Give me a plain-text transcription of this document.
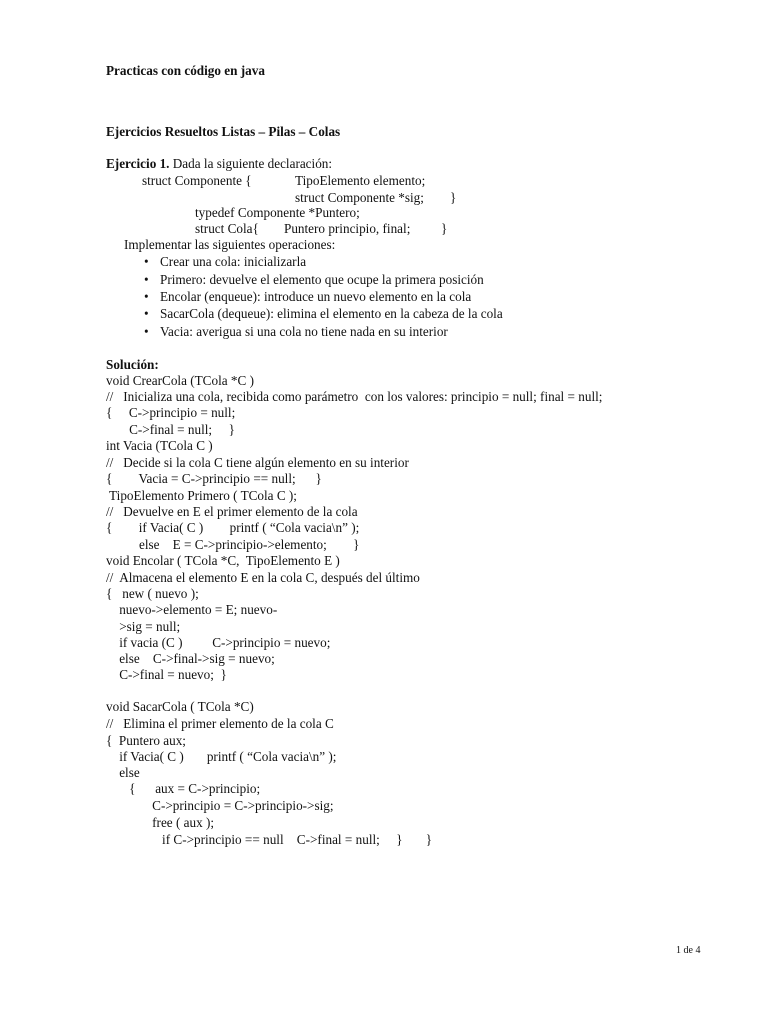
Practicas con código en java
Ejercicios Resueltos Listas – Pilas – Colas
Ejercicio 1. Dada la siguiente declaración:
struct Componente {	TipoElemento elemento;
struct Componente *sig; }
typedef Componente *Puntero;
struct Cola{ Puntero principio, final; }
Implementar las siguientes operaciones:
• Crear una cola: inicializarla
• Primero: devuelve el elemento que ocupe la primera posición
• Encolar (enqueue): introduce un nuevo elemento en la cola
• SacarCola (dequeue): elimina el elemento en la cabeza de la cola
• Vacia: averigua si una cola no tiene nada en su interior
Solución:
void CrearCola (TCola *C )
//   Inicializa una cola, recibida como parámetro  con los valores: principio = null; final = null;
{     C->principio = null;
C->final = null;     }
int Vacia (TCola C )
//   Decide si la cola C tiene algún elemento en su interior
{        Vacia = C->principio == null;      }
TipoElemento Primero ( TCola C );
//   Devuelve en E el primer elemento de la cola
{        if Vacia( C )        printf ( “Cola vacia\n” );
else    E = C->principio->elemento;        }
void Encolar ( TCola *C,  TipoElemento E )
//  Almacena el elemento E en la cola C, después del último
{   new ( nuevo );
nuevo->elemento = E; nuevo-
>sig = null;
if vacia (C )         C->principio = nuevo;
else    C->final->sig = nuevo;
C->final = nuevo;  }
void SacarCola ( TCola *C)
//   Elimina el primer elemento de la cola C
{  Puntero aux;
if Vacia( C )       printf ( “Cola vacia\n” );
else
{      aux = C->principio;
C->principio = C->principio->sig;
free ( aux );
if C->principio == null    C->final = null;     }       }
1 de 4
